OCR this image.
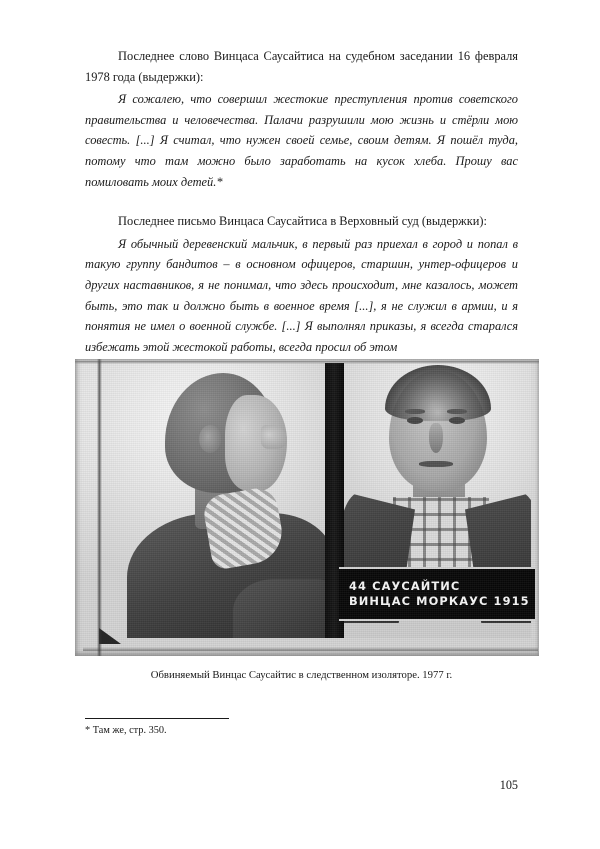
Последнее слово Винцаса Саусайтиса на судебном заседании 16 февраля 1978 года (выдержки):

Я сожалею, что совершил жестокие преступления против советского правительства и человечества. Палачи разрушили мою жизнь и стёрли мою совесть. [...] Я считал, что нужен своей семье, своим детям. Я пошёл туда, потому что там можно было заработать на кусок хлеба. Прошу вас помиловать моих детей.*

Последнее письмо Винцаса Саусайтиса в Верховный суд (выдержки):

Я обычный деревенский мальчик, в первый раз приехал в город и попал в такую группу бандитов – в основном офицеров, старшин, унтер-офицеров и других наставников, я не понимал, что здесь происходит, мне казалось, может быть, это так и должно быть в военное время [...], я не служил в армии, и я понятия не имел о военной службе. [...] Я выполнял приказы, я всегда старался избежать этой жестокой работы, всегда просил об этом

44 САУСАЙТИС
ВИНЦАС МОРКАУС 1915
Обвиняемый Винцас Саусайтис в следственном изоляторе. 1977 г.
* Там же, стр. 350.
105
